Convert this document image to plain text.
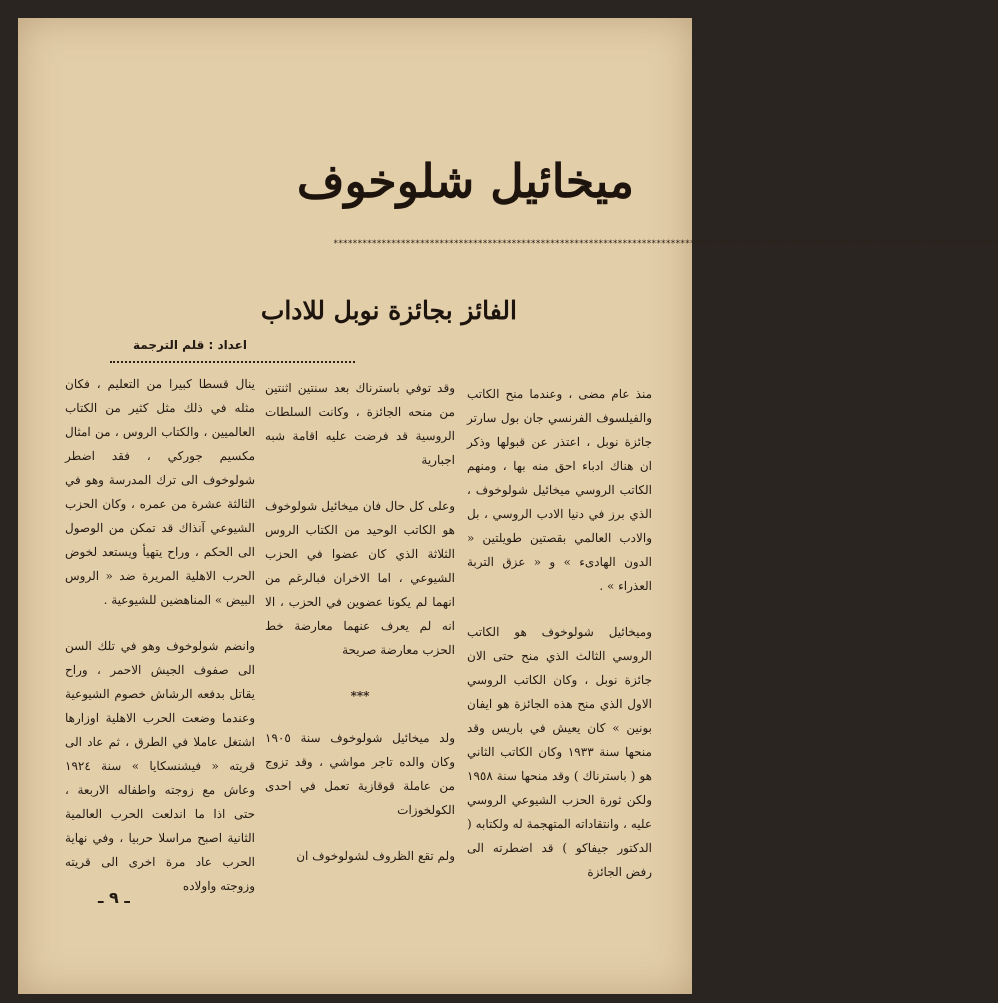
ميخائيل شلوخوف
******************************************************************************************************************************************
الفائز بجائزة نوبل للاداب
اعداد : قلم الترجمة

منذ عام مضى ، وعندما منح الكاتب والفيلسوف الفرنسي جان بول سارتر جائزة نوبل ، اعتذر عن قبولها وذكر ان هناك ادباء احق منه بها ، ومنهم الكاتب الروسي ميخائيل شولوخوف ، الذي برز في دنيا الادب الروسي ، بل والادب العالمي بقصتين طويلتين « الدون الهادىء » و « عزق التربة العذراء » .

وميخائيل شولوخوف هو الكاتب الروسي الثالث الذي منح حتى الان جائزة نوبل ، وكان الكاتب الروسي الاول الذي منح هذه الجائزة هو ايفان بونين » كان يعيش في باريس وقد منحها سنة ١٩٣٣ وكان الكاتب الثاني هو ( باسترناك ) وقد منحها سنة ١٩٥٨ ولكن ثورة الحزب الشيوعي الروسي عليه ، وانتقاداته المتهجمة له ولكتابه ( الدكتور جيفاكو ) قد اضطرته الى رفض الجائزة

وقد توفي باسترناك بعد سنتين اثنتين من منحه الجائزة ، وكانت السلطات الروسية قد فرضت عليه اقامة شبه اجبارية

وعلى كل حال فان ميخائيل شولوخوف هو الكاتب الوحيد من الكتاب الروس الثلاثة الذي كان عضوا في الحزب الشيوعي ، اما الاخران فبالرغم من انهما لم يكونا عضوين في الحزب ، الا انه لم يعرف عنهما معارضة خط الحزب معارضة صريحة

***

ولد ميخائيل شولوخوف سنة ١٩٠٥ وكان والده تاجر مواشي ، وقد تزوج من عاملة قوقازية تعمل في احدى الكولخوزات

ولم تقع الظروف لشولوخوف ان

ينال قسطا كبيرا من التعليم ، فكان مثله في ذلك مثل كثير من الكتاب العالميين ، والكتاب الروس ، من امثال مكسيم جوركي ، فقد اضطر شولوخوف الى ترك المدرسة وهو في الثالثة عشرة من عمره ، وكان الحزب الشيوعي آنذاك قد تمكن من الوصول الى الحكم ، وراح يتهيأ ويستعد لخوض الحرب الاهلية المريرة ضد « الروس البيض » المناهضين للشيوعية .

وانضم شولوخوف وهو في تلك السن الى صفوف الجيش الاحمر ، وراح يقاتل بدفعه الرشاش خصوم الشيوعية وعندما وضعت الحرب الاهلية اوزارها اشتغل عاملا في الطرق ، ثم عاد الى قريته « فيشنسكايا » سنة ١٩٢٤ وعاش مع زوجته واطفاله الاربعة ، حتى اذا ما اندلعت الحرب العالمية الثانية اصبح مراسلا حربيا ، وفي نهاية الحرب عاد مرة اخرى الى قريته وزوجته واولاده

ـ ٩ ـ
